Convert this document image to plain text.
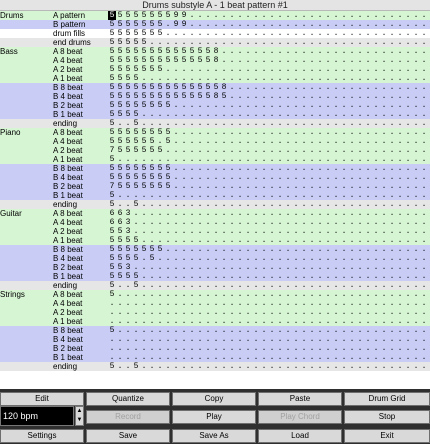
Drums substyle A - 1 beat pattern #1
Drums	A pattern	5 5 5 5 5 5 5 5 9 9 . . . . . . . . . . . . . . . . . . . . . . . . . . . . . .
B pattern	5 5 5 5 5 5 5 . 9 9 . . . . . . . . . . . . . . . . . . . . . . . . . . . . . .
drum fills	5 5 5 5 5 5 5 . . . . . . . . . . . . . . . . . . . . . . . . . . . . . . . . .
end drums	5 5 5 5 5 . . . . . . . . . . . . . . . . . . . . . . . . . . . . . . . . . . .
Bass	A 8 beat	5 5 5 5 5 5 5 5 5 5 5 5 5 8 . . . . . . . . . . . . . . . . . . . . . . . . . .
A 4 beat	5 5 5 5 5 5 5 5 5 5 5 5 5 8 . . . . . . . . . . . . . . . . . . . . . . . . . .
A 2 beat	5 5 5 5 5 5 5 . . . . . . . . . . . . . . . . . . . . . . . . . . . . . . . . .
A 1 beat	5 5 5 5 . . . . . . . . . . . . . . . . . . . . . . . . . . . . . . . . . . . .
B 8 beat	5 5 5 5 5 5 5 5 5 5 5 5 5 5 8 . . . . . . . . . . . . . . . . . . . . . . . . .
B 4 beat	5 5 5 5 5 5 5 5 5 5 5 5 5 8 5 . . . . . . . . . . . . . . . . . . . . . . . . .
B 2 beat	5 5 5 5 5 5 5 5 . . . . . . . . . . . . . . . . . . . . . . . . . . . . . . . .
B 1 beat	5 5 5 5 . . . . . . . . . . . . . . . . . . . . . . . . . . . . . . . . . . . .
ending	5 . . 5 . . . . . . . . . . . . . . . . . . . . . . . . . . . . . . . . . . . .
Piano	A 8 beat	5 5 5 5 5 5 5 5 . . . . . . . . . . . . . . . . . . . . . . . . . . . . . . . .
A 4 beat	5 5 5 5 5 5 . 5 . . . . . . . . . . . . . . . . . . . . . . . . . . . . . . . .
A 2 beat	7 5 5 5 5 5 5 . . . . . . . . . . . . . . . . . . . . . . . . . . . . . . . . .
A 1 beat	5 . . . . . . . . . . . . . . . . . . . . . . . . . . . . . . . . . . . . . . .
B 8 beat	5 5 5 5 5 5 5 5 . . . . . . . . . . . . . . . . . . . . . . . . . . . . . . . .
B 4 beat	5 5 5 5 5 5 5 5 . . . . . . . . . . . . . . . . . . . . . . . . . . . . . . . .
B 2 beat	7 5 5 5 5 5 5 5 . . . . . . . . . . . . . . . . . . . . . . . . . . . . . . . .
B 1 beat	5 . . . . . . . . . . . . . . . . . . . . . . . . . . . . . . . . . . . . . . .
ending	5 . . 5 . . . . . . . . . . . . . . . . . . . . . . . . . . . . . . . . . . . .
Guitar	A 8 beat	6 6 3 . . . . . . . . . . . . . . . . . . . . . . . . . . . . . . . . . . . . .
A 4 beat	6 6 3 . . . . . . . . . . . . . . . . . . . . . . . . . . . . . . . . . . . . .
A 2 beat	5 5 3 . . . . . . . . . . . . . . . . . . . . . . . . . . . . . . . . . . . . .
A 1 beat	5 5 5 5 . . . . . . . . . . . . . . . . . . . . . . . . . . . . . . . . . . . .
B 8 beat	5 5 5 5 5 5 5 . . . . . . . . . . . . . . . . . . . . . . . . . . . . . . . . .
B 4 beat	5 5 5 5 . 5 . . . . . . . . . . . . . . . . . . . . . . . . . . . . . . . . . .
B 2 beat	5 5 3 . . . . . . . . . . . . . . . . . . . . . . . . . . . . . . . . . . . . .
B 1 beat	5 5 5 5 . . . . . . . . . . . . . . . . . . . . . . . . . . . . . . . . . . . .
ending	5 . . 5 . . . . . . . . . . . . . . . . . . . . . . . . . . . . . . . . . . . .
Strings	A 8 beat	5 . . . . . . . . . . . . . . . . . . . . . . . . . . . . . . . . . . . . . . .
A 4 beat	. . . . . . . . . . . . . . . . . . . . . . . . . . . . . . . . . . . . . . . .
A 2 beat	. . . . . . . . . . . . . . . . . . . . . . . . . . . . . . . . . . . . . . . .
A 1 beat	. . . . . . . . . . . . . . . . . . . . . . . . . . . . . . . . . . . . . . . .
B 8 beat	5 . . . . . . . . . . . . . . . . . . . . . . . . . . . . . . . . . . . . . . .
B 4 beat	. . . . . . . . . . . . . . . . . . . . . . . . . . . . . . . . . . . . . . . .
B 2 beat	. . . . . . . . . . . . . . . . . . . . . . . . . . . . . . . . . . . . . . . .
B 1 beat	. . . . . . . . . . . . . . . . . . . . . . . . . . . . . . . . . . . . . . . .
ending	5 . . 5 . . . . . . . . . . . . . . . . . . . . . . . . . . . . . . . . . . . .
Edit	Quantize	Copy	Paste	Drum Grid
Record	Play	Play Chord	Stop
Settings	Save	Save As	Load	Exit
120 bpm	▲
▼
